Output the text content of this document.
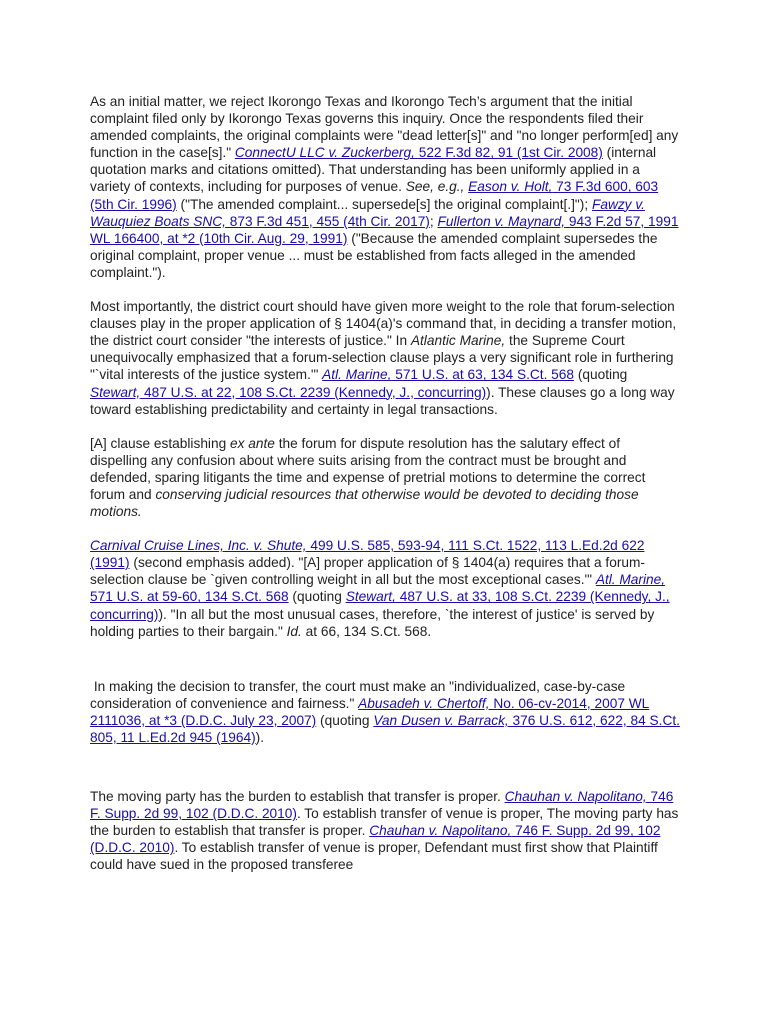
As an initial matter, we reject Ikorongo Texas and Ikorongo Tech’s argument that the initial complaint filed only by Ikorongo Texas governs this inquiry. Once the respondents filed their amended complaints, the original complaints were "dead letter[s]" and "no longer perform[ed] any function in the case[s]." ConnectU LLC v. Zuckerberg, 522 F.3d 82, 91 (1st Cir. 2008) (internal quotation marks and citations omitted). That understanding has been uniformly applied in a variety of contexts, including for purposes of venue. See, e.g., Eason v. Holt, 73 F.3d 600, 603 (5th Cir. 1996) ("The amended complaint... supersede[s] the original complaint[.]"); Fawzy v. Wauquiez Boats SNC, 873 F.3d 451, 455 (4th Cir. 2017); Fullerton v. Maynard, 943 F.2d 57, 1991 WL 166400, at *2 (10th Cir. Aug. 29, 1991) ("Because the amended complaint supersedes the original complaint, proper venue ... must be established from facts alleged in the amended complaint.").

Most importantly, the district court should have given more weight to the role that forum-selection clauses play in the proper application of § 1404(a)'s command that, in deciding a transfer motion, the district court consider "the interests of justice." In Atlantic Marine, the Supreme Court unequivocally emphasized that a forum-selection clause plays a very significant role in furthering "`vital interests of the justice system.'" Atl. Marine, 571 U.S. at 63, 134 S.Ct. 568 (quoting Stewart, 487 U.S. at 22, 108 S.Ct. 2239 (Kennedy, J., concurring)). These clauses go a long way toward establishing predictability and certainty in legal transactions.

[A] clause establishing ex ante the forum for dispute resolution has the salutary effect of dispelling any confusion about where suits arising from the contract must be brought and defended, sparing litigants the time and expense of pretrial motions to determine the correct forum and conserving judicial resources that otherwise would be devoted to deciding those motions.

Carnival Cruise Lines, Inc. v. Shute, 499 U.S. 585, 593-94, 111 S.Ct. 1522, 113 L.Ed.2d 622 (1991) (second emphasis added). "[A] proper application of § 1404(a) requires that a forum-selection clause be `given controlling weight in all but the most exceptional cases.'" Atl. Marine, 571 U.S. at 59-60, 134 S.Ct. 568 (quoting Stewart, 487 U.S. at 33, 108 S.Ct. 2239 (Kennedy, J., concurring)). "In all but the most unusual cases, therefore, `the interest of justice' is served by holding parties to their bargain." Id. at 66, 134 S.Ct. 568.

In making the decision to transfer, the court must make an "individualized, case-by-case consideration of convenience and fairness." Abusadeh v. Chertoff, No. 06-cv-2014, 2007 WL 2111036, at *3 (D.D.C. July 23, 2007) (quoting Van Dusen v. Barrack, 376 U.S. 612, 622, 84 S.Ct. 805, 11 L.Ed.2d 945 (1964)).

The moving party has the burden to establish that transfer is proper. Chauhan v. Napolitano, 746 F. Supp. 2d 99, 102 (D.D.C. 2010). To establish transfer of venue is proper, The moving party has the burden to establish that transfer is proper. Chauhan v. Napolitano, 746 F. Supp. 2d 99, 102 (D.D.C. 2010). To establish transfer of venue is proper, Defendant must first show that Plaintiff could have sued in the proposed transferee
